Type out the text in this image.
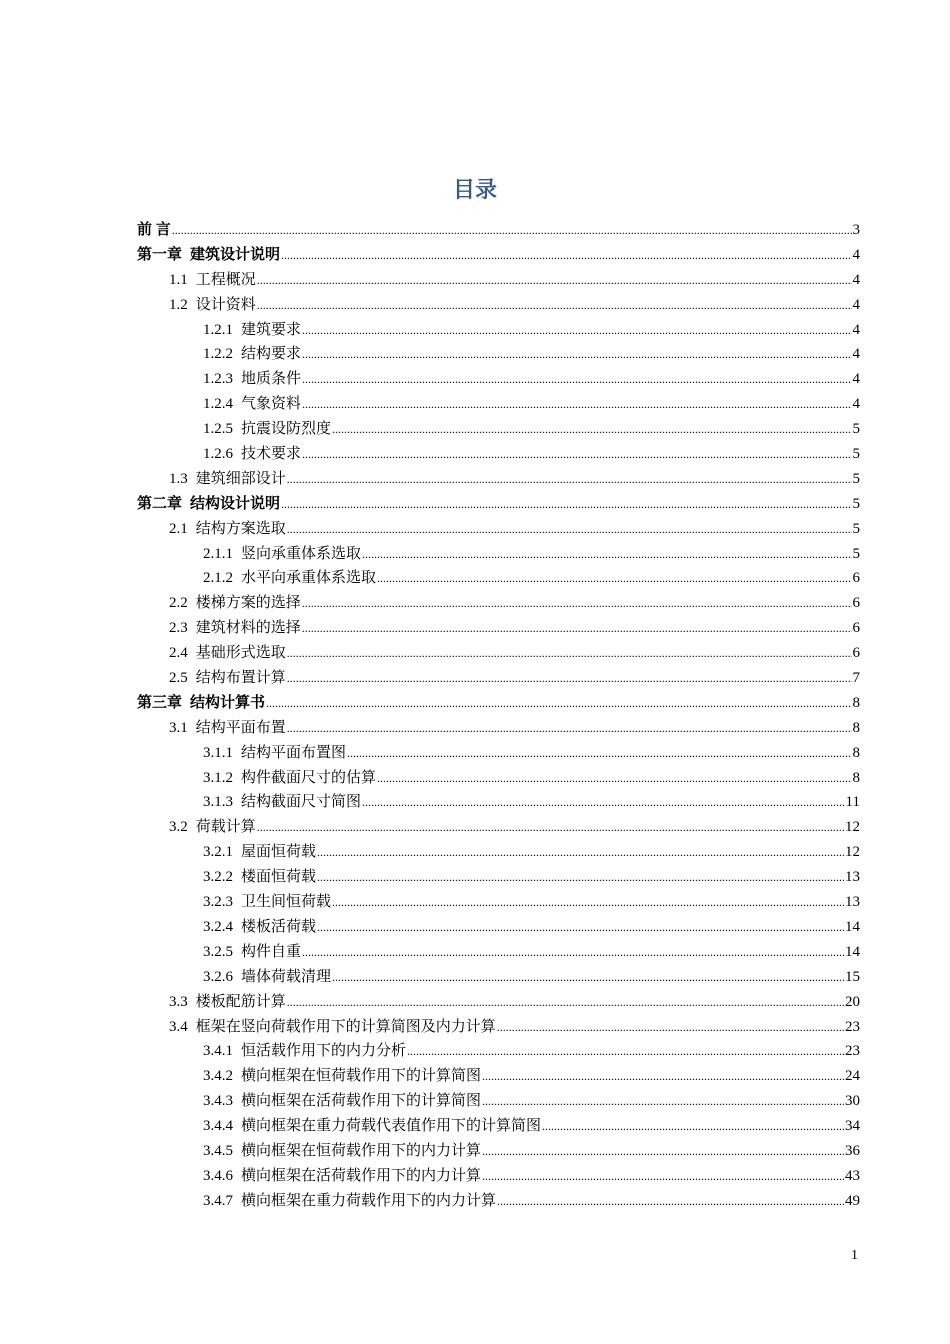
目录
前 言 .....	3
第一章 建筑设计说明 .....	4
1.1 工程概况 .....	4
1.2 设计资料 .....	4
1.2.1 建筑要求 .....	4
1.2.2 结构要求 .....	4
1.2.3 地质条件 .....	4
1.2.4 气象资料 .....	4
1.2.5 抗震设防烈度 .....	5
1.2.6 技术要求 .....	5
1.3 建筑细部设计 .....	5
第二章 结构设计说明 .....	5
2.1 结构方案选取 .....	5
2.1.1 竖向承重体系选取 .....	5
2.1.2 水平向承重体系选取 .....	6
2.2 楼梯方案的选择 .....	6
2.3 建筑材料的选择 .....	6
2.4 基础形式选取 .....	6
2.5 结构布置计算 .....	7
第三章 结构计算书 .....	8
3.1 结构平面布置 .....	8
3.1.1 结构平面布置图 .....	8
3.1.2 构件截面尺寸的估算 .....	8
3.1.3 结构截面尺寸简图 .....	11
3.2 荷载计算 .....	12
3.2.1 屋面恒荷载 .....	12
3.2.2 楼面恒荷载 .....	13
3.2.3 卫生间恒荷载 .....	13
3.2.4 楼板活荷载 .....	14
3.2.5 构件自重 .....	14
3.2.6 墙体荷载清理 .....	15
3.3 楼板配筋计算 .....	20
3.4 框架在竖向荷载作用下的计算简图及内力计算 .....	23
3.4.1 恒活载作用下的内力分析 .....	23
3.4.2 横向框架在恒荷载作用下的计算简图 .....	24
3.4.3 横向框架在活荷载作用下的计算简图 .....	30
3.4.4 横向框架在重力荷载代表值作用下的计算简图 .....	34
3.4.5 横向框架在恒荷载作用下的内力计算 .....	36
3.4.6 横向框架在活荷载作用下的内力计算 .....	43
3.4.7 横向框架在重力荷载作用下的内力计算 .....	49
1
